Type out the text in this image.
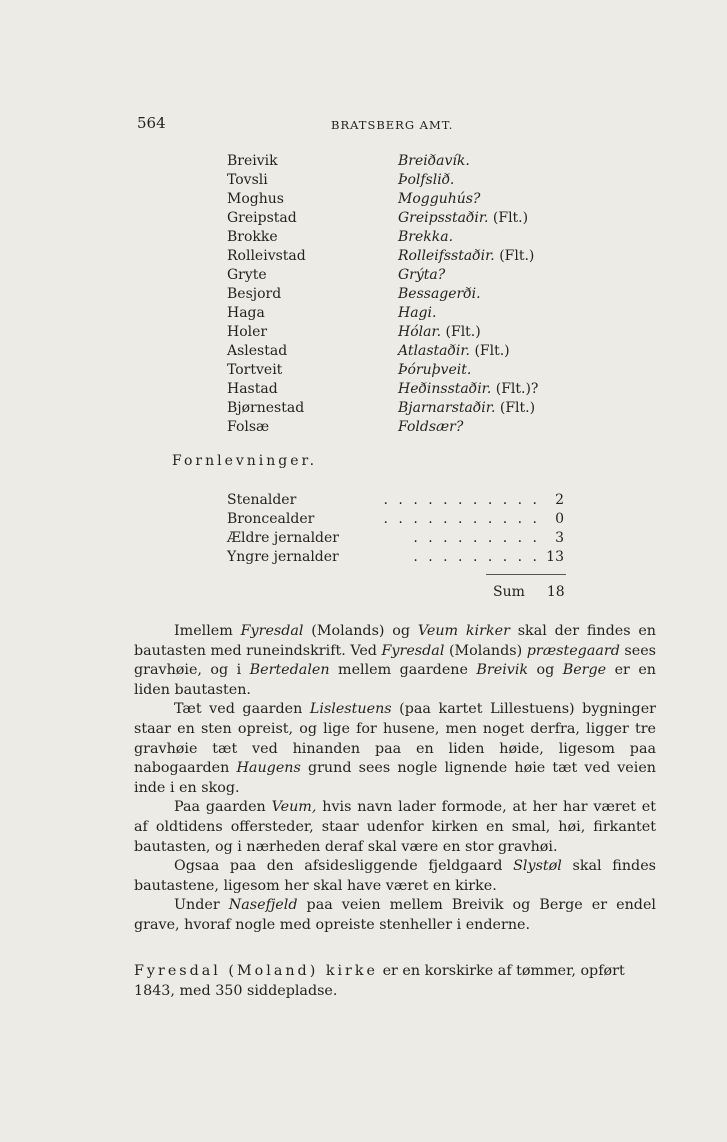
564	BRATSBERG AMT.
Breivik	Breiðavík.
Tovsli	Þolfslið.
Moghus	Mogguhús?
Greipstad	Greipsstaðir. (Flt.)
Brokke	Brekka.
Rolleivstad	Rolleifsstaðir. (Flt.)
Gryte	Grýta?
Besjord	Bessagerði.
Haga	Hagi.
Holer	Hólar. (Flt.)
Aslestad	Atlastaðir. (Flt.)
Tortveit	Þóruþveit.
Hastad	Heðinsstaðir. (Flt.)?
Bjørnestad	Bjarnarstaðir. (Flt.)
Folsæ	Foldsær?
Fornlevninger.
Stenalder	. . . . . . . . . . . 2
Broncealder	. . . . . . . . . . . 0
Ældre jernalder	. . . . . . . . . 3
Yngre jernalder	. . . . . . . . . 13
Sum 18

Imellem Fyresdal (Molands) og Veum kirker skal der findes en bautasten med runeindskrift. Ved Fyresdal (Molands) præstegaard sees gravhøie, og i Bertedalen mellem gaardene Breivik og Berge er en liden bautasten.

Tæt ved gaarden Lislestuens (paa kartet Lillestuens) bygninger staar en sten opreist, og lige for husene, men noget derfra, ligger tre gravhøie tæt ved hinanden paa en liden høide, ligesom paa nabogaarden Haugens grund sees nogle lignende høie tæt ved veien inde i en skog.

Paa gaarden Veum, hvis navn lader formode, at her har været et af oldtidens offersteder, staar udenfor kirken en smal, høi, firkantet bautasten, og i nærheden deraf skal være en stor gravhøi.

Ogsaa paa den afsidesliggende fjeldgaard Slystøl skal findes bautastene, ligesom her skal have været en kirke.

Under Nasefjeld paa veien mellem Breivik og Berge er endel grave, hvoraf nogle med opreiste stenheller i enderne.

Fyresdal (Moland) kirke er en korskirke af tømmer, opført 1843, med 350 siddepladse.
